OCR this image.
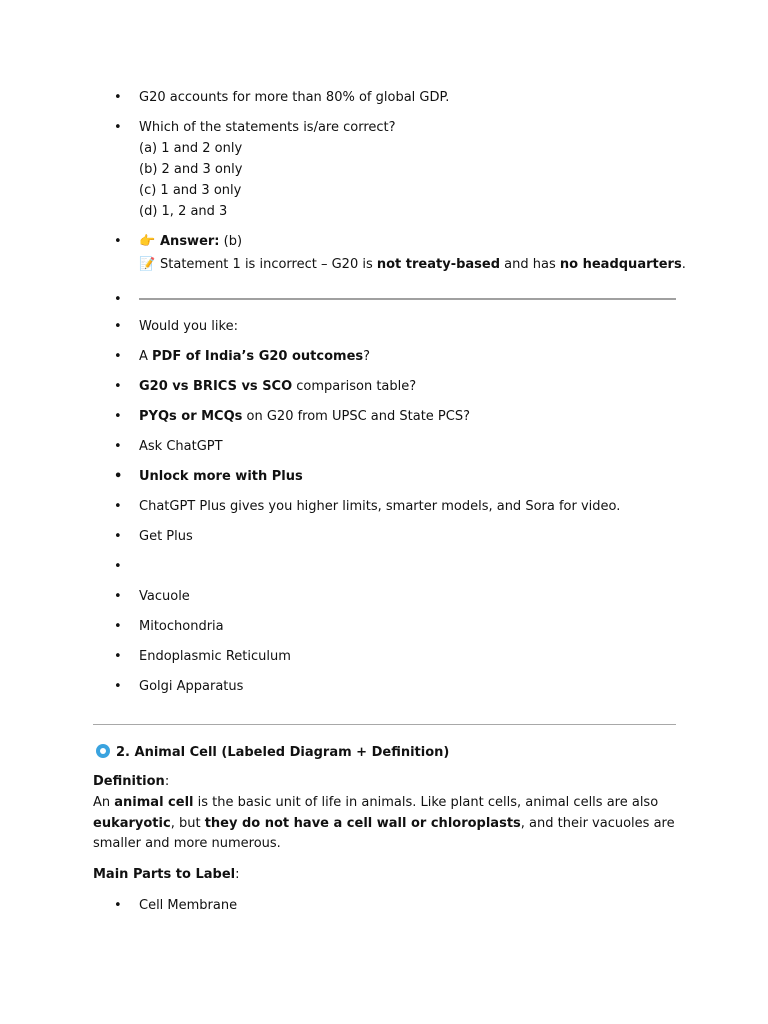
• G20 accounts for more than 80% of global GDP.
• Which of the statements is/are correct?
(a) 1 and 2 only
(b) 2 and 3 only
(c) 1 and 3 only
(d) 1, 2 and 3
• 👉 Answer: (b)
📝 Statement 1 is incorrect – G20 is not treaty-based and has no headquarters.
•
• Would you like:
• A PDF of India’s G20 outcomes?
• G20 vs BRICS vs SCO comparison table?
• PYQs or MCQs on G20 from UPSC and State PCS?
• Ask ChatGPT
• Unlock more with Plus
• ChatGPT Plus gives you higher limits, smarter models, and Sora for video.
• Get Plus
•
• Vacuole
• Mitochondria
• Endoplasmic Reticulum
• Golgi Apparatus
2. Animal Cell (Labeled Diagram + Definition)

Definition:

An animal cell is the basic unit of life in animals. Like plant cells, animal cells are also eukaryotic, but they do not have a cell wall or chloroplasts, and their vacuoles are smaller and more numerous.

Main Parts to Label:

• Cell Membrane
